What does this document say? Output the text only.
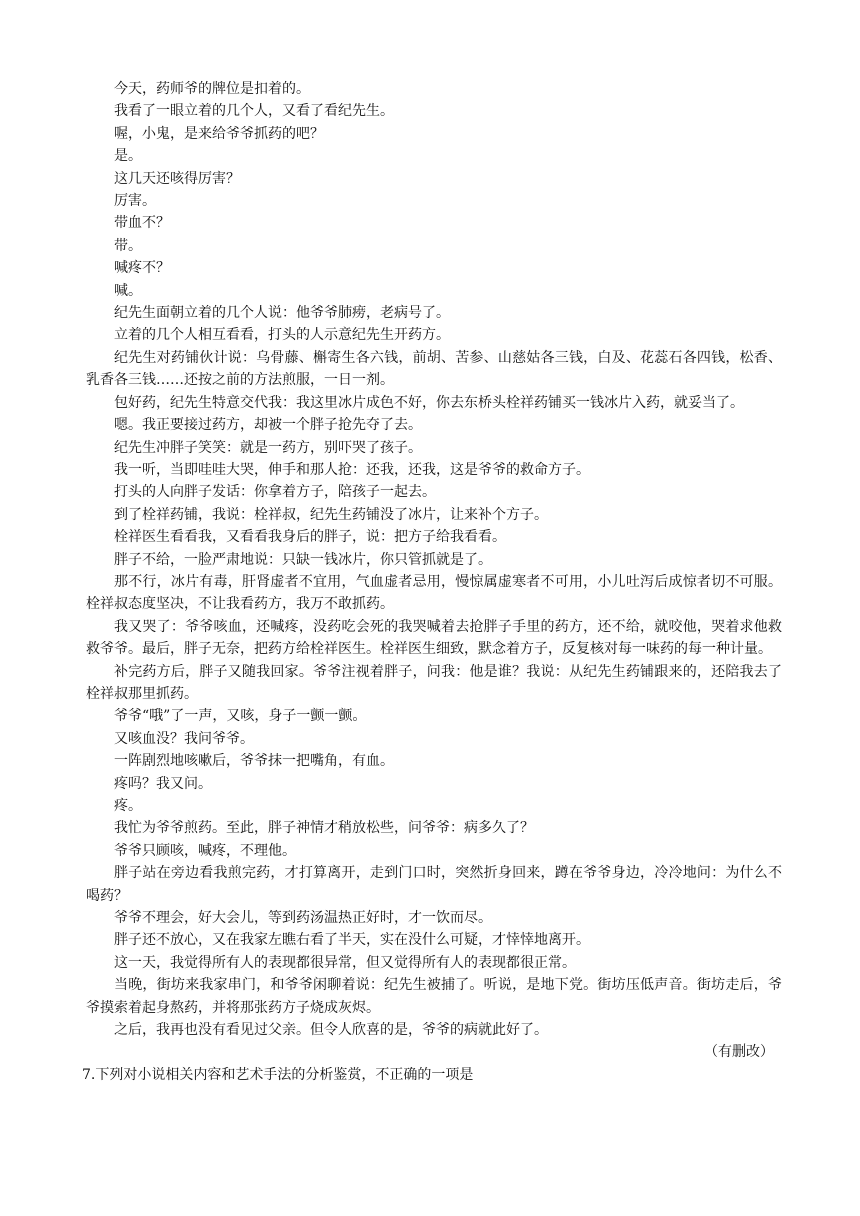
今天，药师爷的牌位是扣着的。

我看了一眼立着的几个人，又看了看纪先生。

喔，小鬼，是来给爷爷抓药的吧？

是。

这几天还咳得厉害？

厉害。

带血不？

带。

喊疼不？

喊。

纪先生面朝立着的几个人说：他爷爷肺痨，老病号了。

立着的几个人相互看看，打头的人示意纪先生开药方。

纪先生对药铺伙计说：乌骨藤、槲寄生各六钱，前胡、苦参、山慈姑各三钱，白及、花蕊石各四钱，松香、乳香各三钱……还按之前的方法煎服，一日一剂。

包好药，纪先生特意交代我：我这里冰片成色不好，你去东桥头栓祥药铺买一钱冰片入药，就妥当了。

嗯。我正要接过药方，却被一个胖子抢先夺了去。

纪先生冲胖子笑笑：就是一药方，别吓哭了孩子。

我一听，当即哇哇大哭，伸手和那人抢：还我，还我，这是爷爷的救命方子。

打头的人向胖子发话：你拿着方子，陪孩子一起去。

到了栓祥药铺，我说：栓祥叔，纪先生药铺没了冰片，让来补个方子。

栓祥医生看看我，又看看我身后的胖子，说：把方子给我看看。

胖子不给，一脸严肃地说：只缺一钱冰片，你只管抓就是了。

那不行，冰片有毒，肝肾虚者不宜用，气血虚者忌用，慢惊属虚寒者不可用，小儿吐泻后成惊者切不可服。栓祥叔态度坚决，不让我看药方，我万不敢抓药。

我又哭了：爷爷咳血，还喊疼，没药吃会死的我哭喊着去抢胖子手里的药方，还不给，就咬他，哭着求他救救爷爷。最后，胖子无奈，把药方给栓祥医生。栓祥医生细致，默念着方子，反复核对每一味药的每一种计量。

补完药方后，胖子又随我回家。爷爷注视着胖子，问我：他是谁？我说：从纪先生药铺跟来的，还陪我去了栓祥叔那里抓药。

爷爷“哦”了一声，又咳，身子一颤一颤。

又咳血没？我问爷爷。

一阵剧烈地咳嗽后，爷爷抹一把嘴角，有血。

疼吗？我又问。

疼。

我忙为爷爷煎药。至此，胖子神情才稍放松些，问爷爷：病多久了？

爷爷只顾咳，喊疼，不理他。

胖子站在旁边看我煎完药，才打算离开，走到门口时，突然折身回来，蹲在爷爷身边，冷冷地问：为什么不喝药？

爷爷不理会，好大会儿，等到药汤温热正好时，才一饮而尽。

胖子还不放心，又在我家左瞧右看了半天，实在没什么可疑，才悻悻地离开。

这一天，我觉得所有人的表现都很异常，但又觉得所有人的表现都很正常。

当晚，街坊来我家串门，和爷爷闲聊着说：纪先生被捕了。听说，是地下党。街坊压低声音。街坊走后，爷爷摸索着起身熬药，并将那张药方子烧成灰烬。

之后，我再也没有看见过父亲。但令人欣喜的是，爷爷的病就此好了。

（有删改）

7.下列对小说相关内容和艺术手法的分析鉴赏，不正确的一项是
